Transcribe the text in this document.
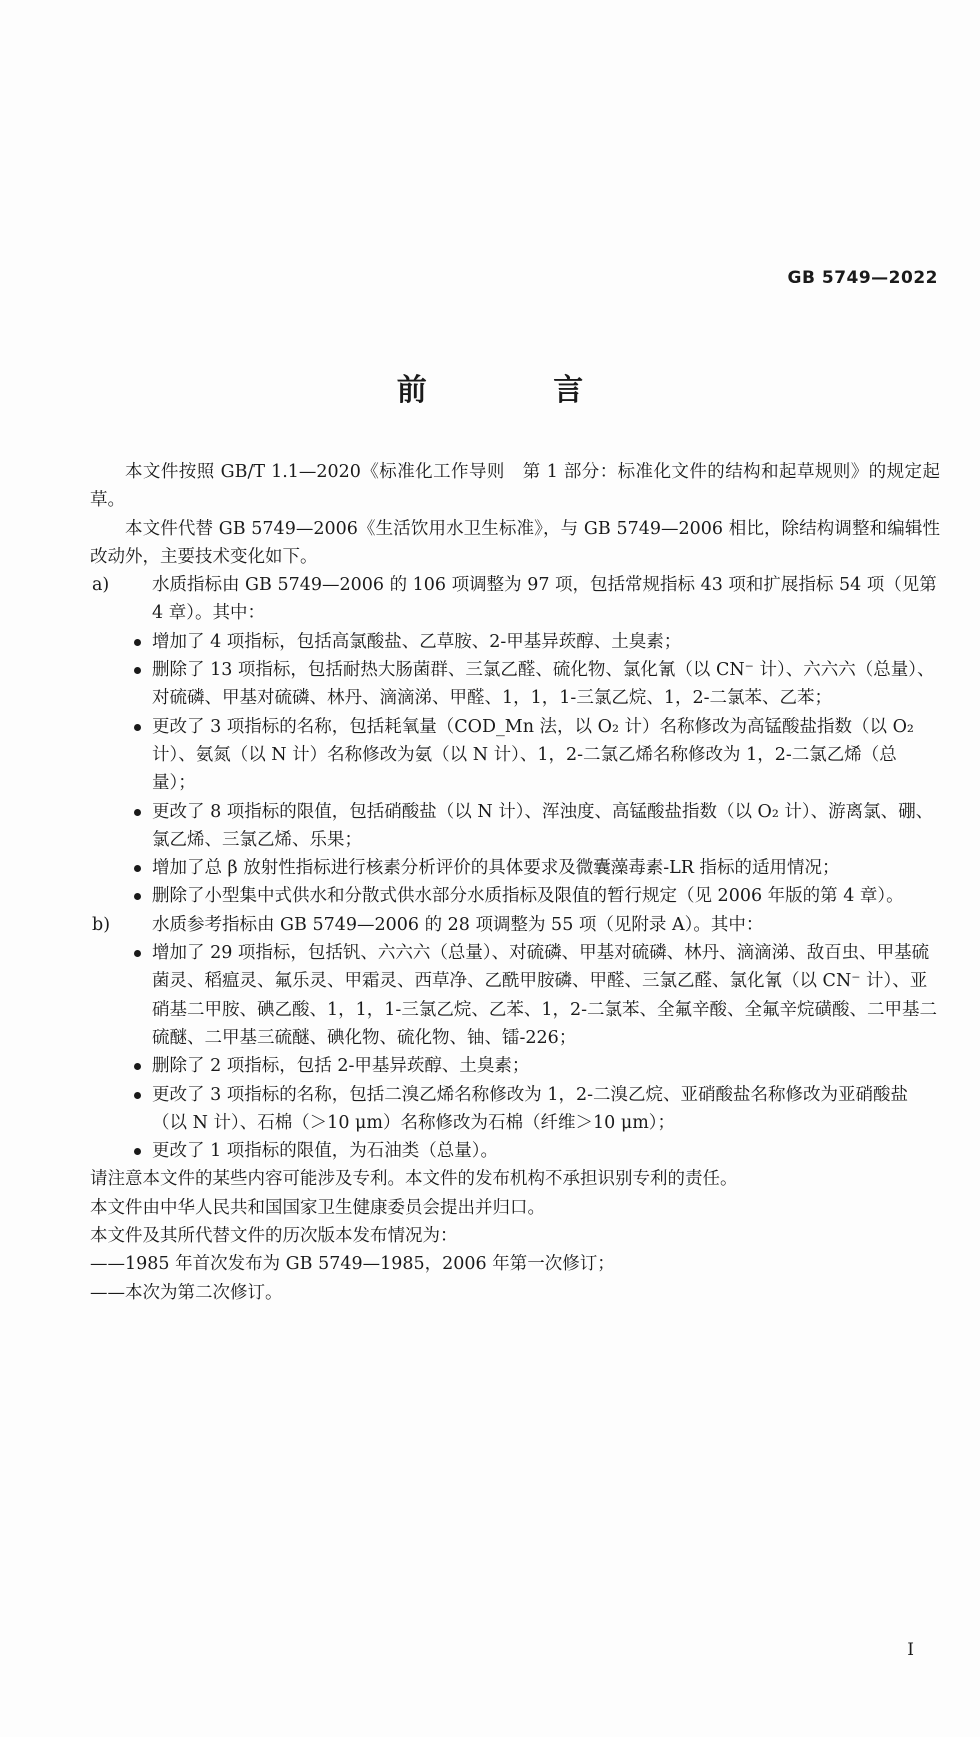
GB 5749—2022
前 言

本文件按照 GB/T 1.1—2020《标准化工作导则　第 1 部分：标准化文件的结构和起草规则》的规定起草。

本文件代替 GB 5749—2006《生活饮用水卫生标准》，与 GB 5749—2006 相比，除结构调整和编辑性改动外，主要技术变化如下。

a) 水质指标由 GB 5749—2006 的 106 项调整为 97 项，包括常规指标 43 项和扩展指标 54 项（见第 4 章）。其中：
增加了 4 项指标，包括高氯酸盐、乙草胺、2-甲基异莰醇、土臭素；
删除了 13 项指标，包括耐热大肠菌群、三氯乙醛、硫化物、氯化氰（以 CN⁻ 计）、六六六（总量）、对硫磷、甲基对硫磷、林丹、滴滴涕、甲醛、1，1，1-三氯乙烷、1，2-二氯苯、乙苯；
更改了 3 项指标的名称，包括耗氧量（COD_Mn 法，以 O₂ 计）名称修改为高锰酸盐指数（以 O₂ 计）、氨氮（以 N 计）名称修改为氨（以 N 计）、1，2-二氯乙烯名称修改为 1，2-二氯乙烯（总量）；
更改了 8 项指标的限值，包括硝酸盐（以 N 计）、浑浊度、高锰酸盐指数（以 O₂ 计）、游离氯、硼、氯乙烯、三氯乙烯、乐果；
增加了总 β 放射性指标进行核素分析评价的具体要求及微囊藻毒素-LR 指标的适用情况；
删除了小型集中式供水和分散式供水部分水质指标及限值的暂行规定（见 2006 年版的第 4 章）。
b) 水质参考指标由 GB 5749—2006 的 28 项调整为 55 项（见附录 A）。其中：
增加了 29 项指标，包括钒、六六六（总量）、对硫磷、甲基对硫磷、林丹、滴滴涕、敌百虫、甲基硫菌灵、稻瘟灵、氟乐灵、甲霜灵、西草净、乙酰甲胺磷、甲醛、三氯乙醛、氯化氰（以 CN⁻ 计）、亚硝基二甲胺、碘乙酸、1，1，1-三氯乙烷、乙苯、1，2-二氯苯、全氟辛酸、全氟辛烷磺酸、二甲基二硫醚、二甲基三硫醚、碘化物、硫化物、铀、镭-226；
删除了 2 项指标，包括 2-甲基异莰醇、土臭素；
更改了 3 项指标的名称，包括二溴乙烯名称修改为 1，2-二溴乙烷、亚硝酸盐名称修改为亚硝酸盐（以 N 计）、石棉（＞10 μm）名称修改为石棉（纤维＞10 μm）；
更改了 1 项指标的限值，为石油类（总量）。

请注意本文件的某些内容可能涉及专利。本文件的发布机构不承担识别专利的责任。

本文件由中华人民共和国国家卫生健康委员会提出并归口。

本文件及其所代替文件的历次版本发布情况为：

——1985 年首次发布为 GB 5749—1985，2006 年第一次修订；

——本次为第二次修订。

I
